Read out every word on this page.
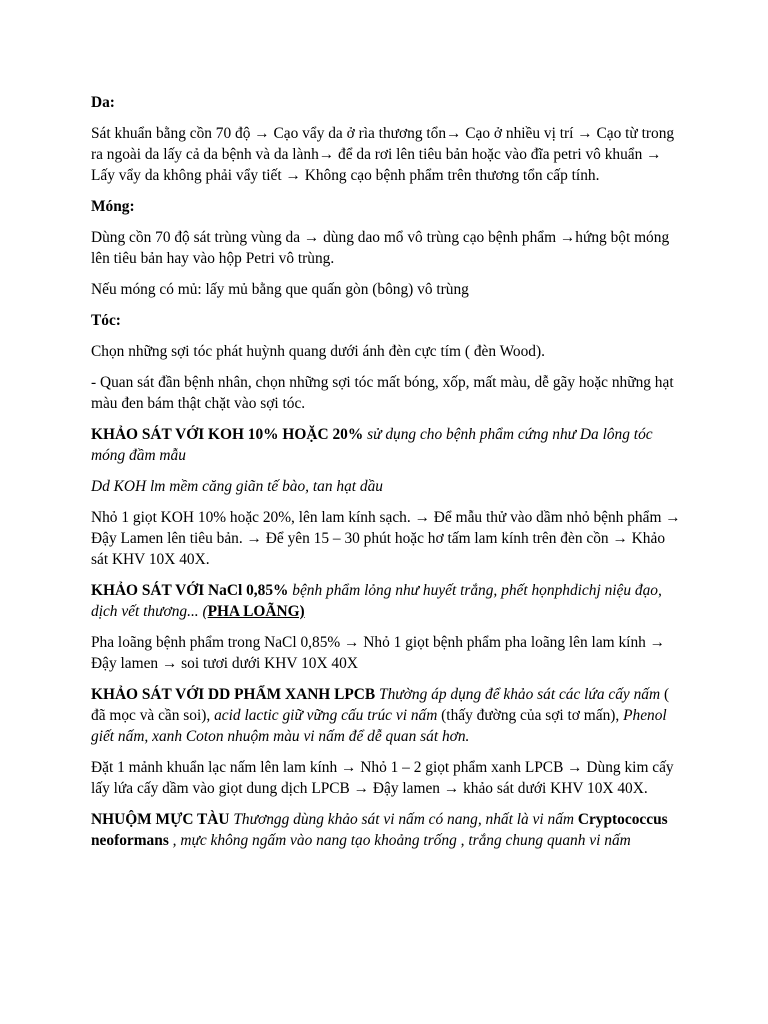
Da:

Sát khuẩn bằng cồn 70 độ → Cạo vẩy da ở rìa thương tổn→ Cạo ở nhiều vị trí → Cạo từ trong ra ngoài da lấy cả da bệnh và da lành→ để da rơi lên tiêu bản hoặc vào đĩa petri vô khuẩn → Lấy vẩy da không phải vẩy tiết → Không cạo bệnh phẩm trên thương tổn cấp tính.

Móng:

Dùng cồn 70 độ sát trùng vùng da → dùng dao mổ vô trùng cạo bệnh phẩm →hứng bột móng lên tiêu bản hay vào hộp Petri vô trùng.

Nếu móng có mủ: lấy mủ bằng que quấn gòn (bông) vô trùng

Tóc:

Chọn những sợi tóc phát huỳnh quang dưới ánh đèn cực tím ( đèn Wood).

- Quan sát đần bệnh nhân, chọn những sợi tóc mất bóng, xốp, mất màu, dễ gãy hoặc những hạt màu đen bám thật chặt vào sợi tóc.

KHẢO SÁT VỚI KOH 10% HOẶC 20% sử dụng cho bệnh phẩm cứng như Da lông tóc móng đầm mẫu

Dd KOH lm mềm căng giãn tế bào, tan hạt dầu

Nhỏ 1 giọt KOH 10% hoặc 20%, lên lam kính sạch. → Để mẫu thử vào dầm nhỏ bệnh phẩm → Đậy Lamen lên tiêu bản. → Để yên 15 – 30 phút hoặc hơ tấm lam kính trên đèn cồn → Khảo sát KHV 10X 40X.

KHẢO SÁT VỚI NaCl 0,85% bệnh phẩm lỏng như huyết trắng, phết họnphdichj niệu đạo, dịch vết thương... (PHA LOÃNG)

Pha loãng bệnh phẩm trong NaCl 0,85% → Nhỏ 1 giọt bệnh phẩm pha loãng lên lam kính → Đậy lamen → soi tươi dưới KHV 10X 40X

KHẢO SÁT VỚI DD PHẨM XANH LPCB Thường áp dụng để khảo sát các lứa cấy nấm ( đã mọc và cần soi), acid lactic giữ vững cấu trúc vi nấm (thấy đường của sợi tơ mấn), Phenol giết nấm, xanh Coton nhuộm màu vi nấm để dễ quan sát hơn.

Đặt 1 mảnh khuẩn lạc nấm lên lam kính → Nhỏ 1 – 2 giọt phẩm xanh LPCB → Dùng kim cấy lấy lứa cấy dầm vào giọt dung dịch LPCB → Đậy lamen → khảo sát dưới KHV 10X 40X.

NHUỘM MỰC TÀU Thươngg dùng khảo sát vi nấm có nang, nhất là vi nấm Cryptococcus neoformans , mực không ngấm vào nang tạo khoảng trống , trắng chung quanh vi nấm
